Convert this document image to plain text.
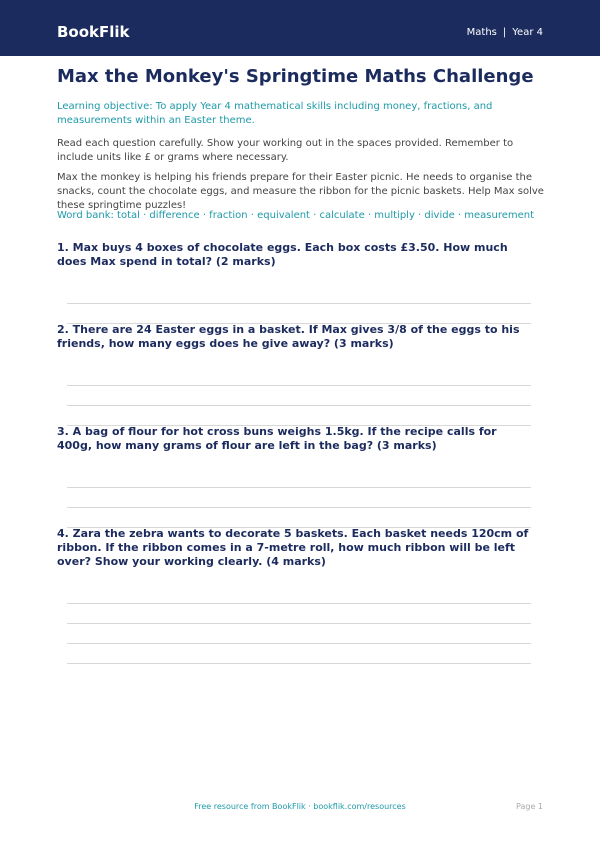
BookFlik	Maths | Year 4
Max the Monkey's Springtime Maths Challenge
Learning objective: To apply Year 4 mathematical skills including money, fractions, and measurements within an Easter theme.
Read each question carefully. Show your working out in the spaces provided. Remember to include units like £ or grams where necessary.
Max the monkey is helping his friends prepare for their Easter picnic. He needs to organise the snacks, count the chocolate eggs, and measure the ribbon for the picnic baskets. Help Max solve these springtime puzzles!
Word bank: total · difference · fraction · equivalent · calculate · multiply · divide · measurement
1. Max buys 4 boxes of chocolate eggs. Each box costs £3.50. How much does Max spend in total? (2 marks)
2. There are 24 Easter eggs in a basket. If Max gives 3/8 of the eggs to his friends, how many eggs does he give away? (3 marks)
3. A bag of flour for hot cross buns weighs 1.5kg. If the recipe calls for 400g, how many grams of flour are left in the bag? (3 marks)
4. Zara the zebra wants to decorate 5 baskets. Each basket needs 120cm of ribbon. If the ribbon comes in a 7-metre roll, how much ribbon will be left over? Show your working clearly. (4 marks)
Free resource from BookFlik · bookflik.com/resources	Page 1
